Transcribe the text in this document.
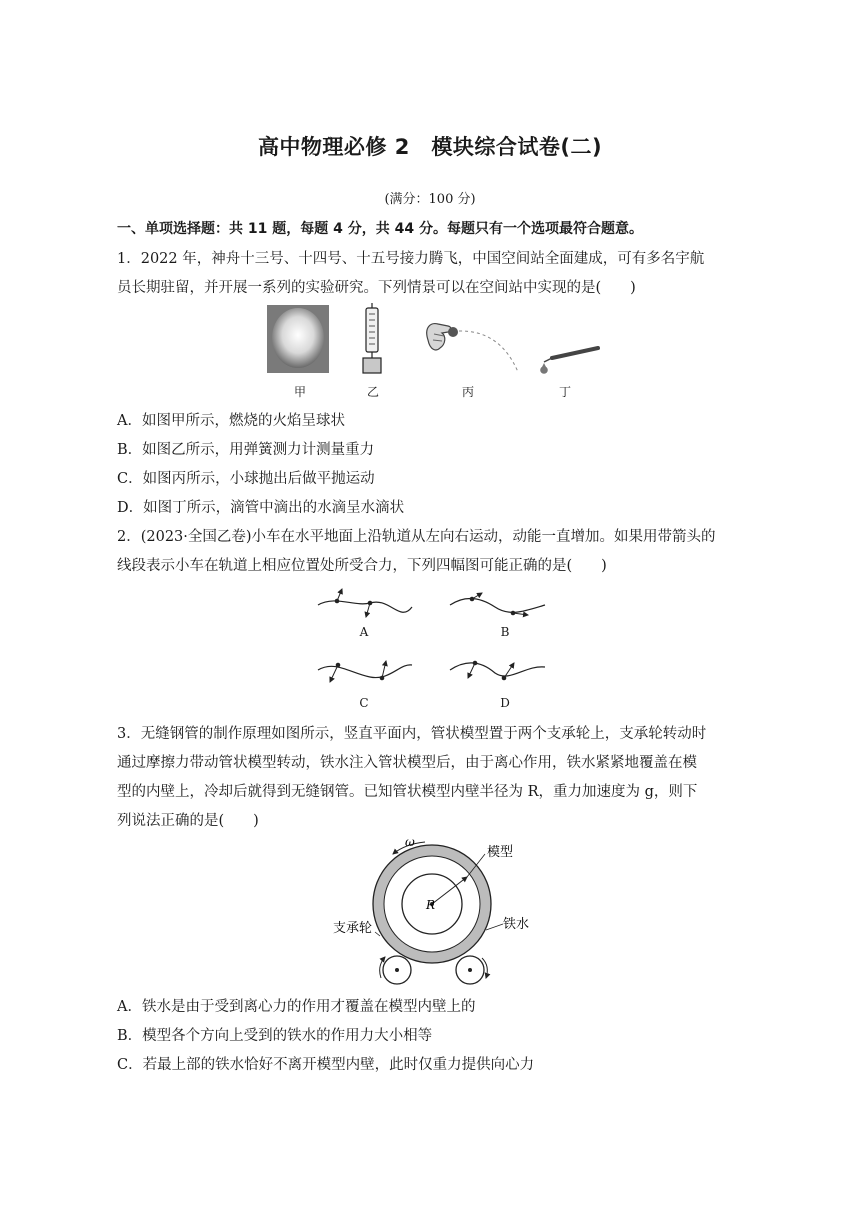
高中物理必修 2　模块综合试卷(二)
(满分：100 分)
一、单项选择题：共 11 题，每题 4 分，共 44 分。每题只有一个选项最符合题意。
1．2022 年，神舟十三号、十四号、十五号接力腾飞，中国空间站全面建成，可有多名宇航
员长期驻留，并开展一系列的实验研究。下列情景可以在空间站中实现的是(　　)
甲	乙	丙	丁
A．如图甲所示，燃烧的火焰呈球状
B．如图乙所示，用弹簧测力计测量重力
C．如图丙所示，小球抛出后做平抛运动
D．如图丁所示，滴管中滴出的水滴呈水滴状
2．(2023·全国乙卷)小车在水平地面上沿轨道从左向右运动，动能一直增加。如果用带箭头的
线段表示小车在轨道上相应位置处所受合力，下列四幅图可能正确的是(　　)
A	B
C	D
3．无缝钢管的制作原理如图所示，竖直平面内，管状模型置于两个支承轮上，支承轮转动时
通过摩擦力带动管状模型转动，铁水注入管状模型后，由于离心作用，铁水紧紧地覆盖在模
型的内壁上，冷却后就得到无缝钢管。已知管状模型内壁半径为 R，重力加速度为 g，则下
列说法正确的是(　　)
ω
模型
R
铁水
支承轮
A．铁水是由于受到离心力的作用才覆盖在模型内壁上的
B．模型各个方向上受到的铁水的作用力大小相等
C．若最上部的铁水恰好不离开模型内壁，此时仅重力提供向心力
